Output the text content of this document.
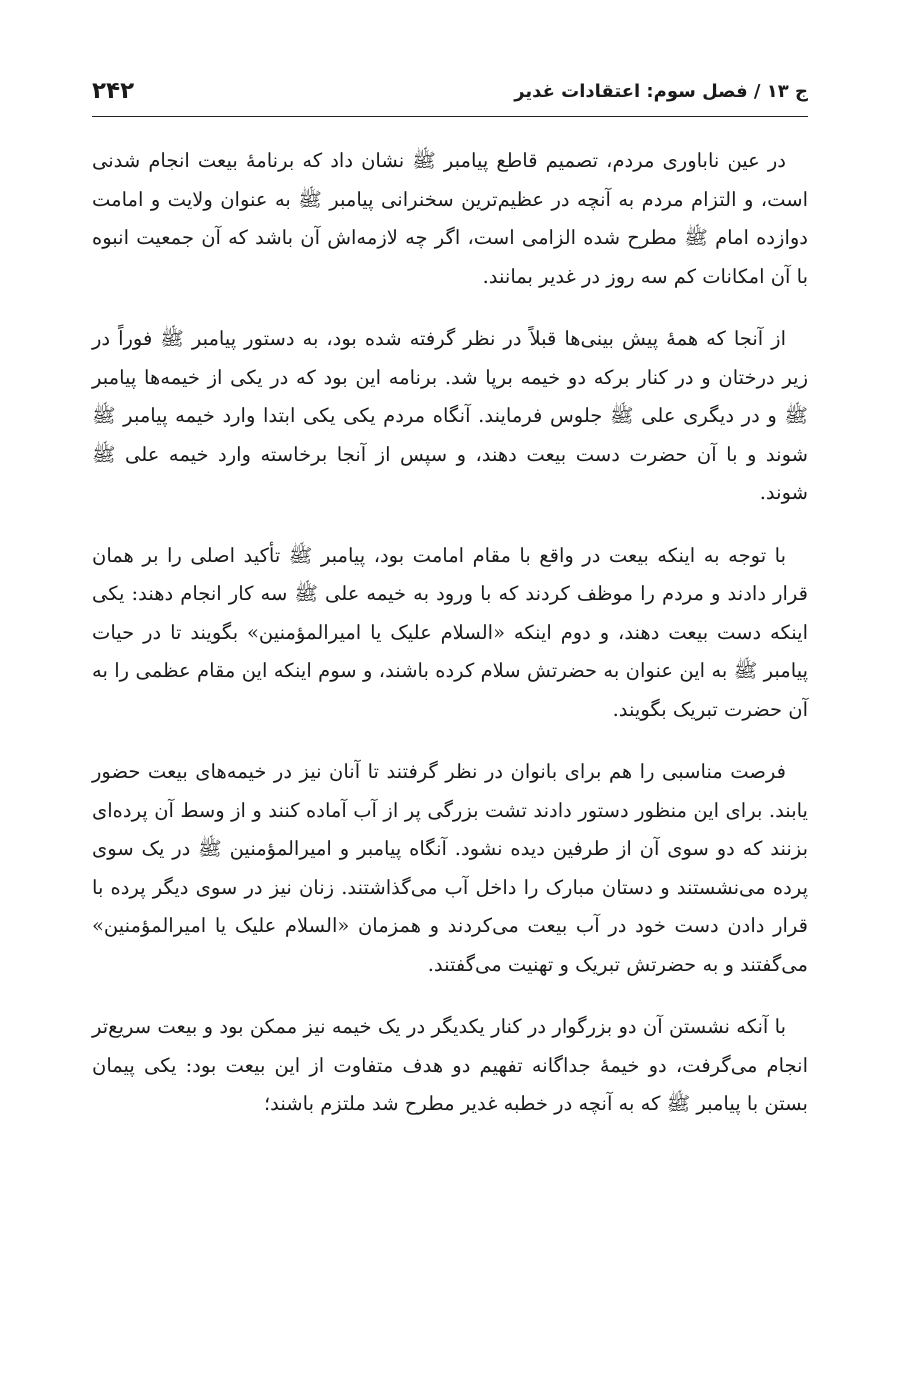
ج ۱۳ / فصل سوم: اعتقادات غدیر
۲۴۲

در عین ناباوری مردم، تصمیم قاطع پیامبر ﷺ نشان داد که برنامۀ بیعت انجام شدنی است، و التزام مردم به آنچه در عظیم‌ترین سخنرانی پیامبر ﷺ به عنوان ولایت و امامت دوازده امام ﷺ مطرح شده الزامی است، اگر چه لازمه‌اش آن باشد که آن جمعیت انبوه با آن امکانات کم سه روز در غدیر بمانند.

از آنجا که همۀ پیش بینی‌ها قبلاً در نظر گرفته شده بود، به دستور پیامبر ﷺ فوراً در زیر درختان و در کنار برکه دو خیمه برپا شد. برنامه این بود که در یکی از خیمه‌ها پیامبر ﷺ و در دیگری علی ﷺ جلوس فرمایند. آنگاه مردم یکی یکی ابتدا وارد خیمه پیامبر ﷺ شوند و با آن حضرت دست بیعت دهند، و سپس از آنجا برخاسته وارد خیمه علی ﷺ شوند.

با توجه به اینکه بیعت در واقع با مقام امامت بود، پیامبر ﷺ تأکید اصلی را بر همان قرار دادند و مردم را موظف کردند که با ورود به خیمه علی ﷺ سه کار انجام دهند: یکی اینکه دست بیعت دهند، و دوم اینکه «السلام علیک یا امیرالمؤمنین» بگویند تا در حیات پیامبر ﷺ به این عنوان به حضرتش سلام کرده باشند، و سوم اینکه این مقام عظمی را به آن حضرت تبریک بگویند.

فرصت مناسبی را هم برای بانوان در نظر گرفتند تا آنان نیز در خیمه‌های بیعت حضور یابند. برای این منظور دستور دادند تشت بزرگی پر از آب آماده کنند و از وسط آن پرده‌ای بزنند که دو سوی آن از طرفین دیده نشود. آنگاه پیامبر و امیرالمؤمنین ﷺ در یک سوی پرده می‌نشستند و دستان مبارک را داخل آب می‌گذاشتند. زنان نیز در سوی دیگر پرده با قرار دادن دست خود در آب بیعت می‌کردند و همزمان «السلام علیک یا امیرالمؤمنین» می‌گفتند و به حضرتش تبریک و تهنیت می‌گفتند.

با آنکه نشستن آن دو بزرگوار در کنار یکدیگر در یک خیمه نیز ممکن بود و بیعت سریع‌تر انجام می‌گرفت، دو خیمۀ جداگانه تفهیم دو هدف متفاوت از این بیعت بود: یکی پیمان بستن با پیامبر ﷺ که به آنچه در خطبه غدیر مطرح شد ملتزم باشند؛
